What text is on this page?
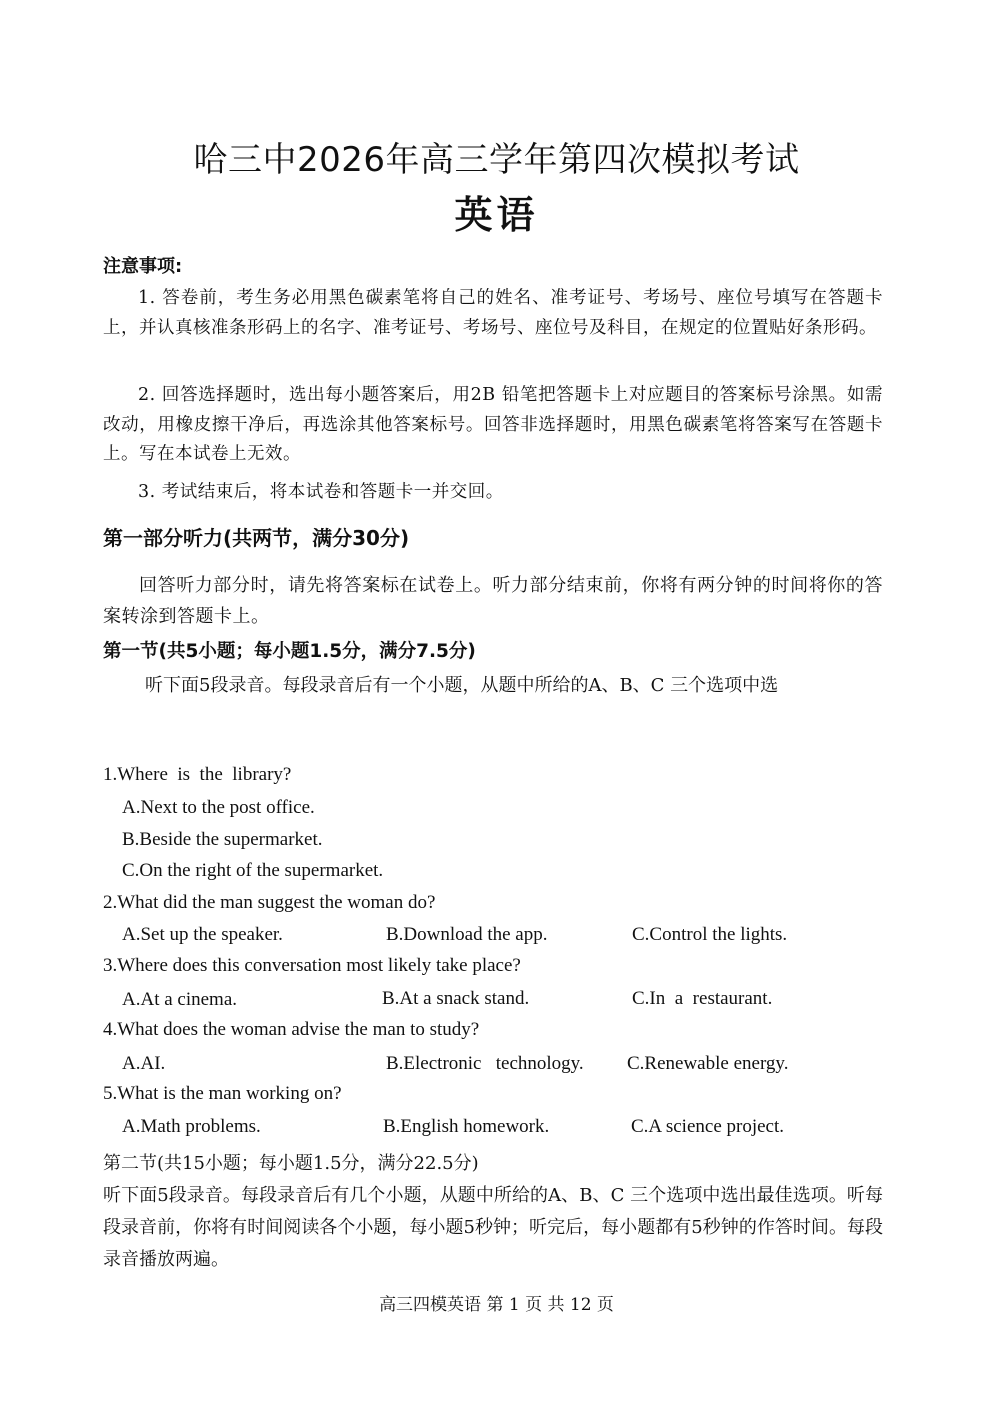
哈三中2026年高三学年第四次模拟考试
英语
注意事项:
1. 答卷前，考生务必用黑色碳素笔将自己的姓名、准考证号、考场号、座位号填写在答题卡上，并认真核准条形码上的名字、准考证号、考场号、座位号及科目，在规定的位置贴好条形码。
2. 回答选择题时，选出每小题答案后，用2B 铅笔把答题卡上对应题目的答案标号涂黑。如需改动，用橡皮擦干净后，再选涂其他答案标号。回答非选择题时，用黑色碳素笔将答案写在答题卡上。写在本试卷上无效。
3. 考试结束后，将本试卷和答题卡一并交回。
第一部分听力(共两节，满分30分)
回答听力部分时，请先将答案标在试卷上。听力部分结束前，你将有两分钟的时间将你的答案转涂到答题卡上。
第一节(共5小题；每小题1.5分，满分7.5分)
听下面5段录音。每段录音后有一个小题，从题中所给的A、B、C 三个选项中选
1.Where  is  the  library?
A.Next to the post office.
B.Beside the supermarket.
C.On the right of the supermarket.
2.What did the man suggest the woman do?
A.Set up the speaker.	B.Download the app.	C.Control the lights.
3.Where does this conversation most likely take place?
A.At a cinema.	B.At a snack stand.	C.In  a  restaurant.
4.What does the woman advise the man to study?
A.AI.	B.Electronic   technology. C.Renewable energy.
5.What is the man working on?
A.Math problems.	B.English homework.	C.A science project.
第二节(共15小题；每小题1.5分，满分22.5分)
听下面5段录音。每段录音后有几个小题，从题中所给的A、B、C 三个选项中选出最佳选项。听每段录音前，你将有时间阅读各个小题，每小题5秒钟；听完后，每小题都有5秒钟的作答时间。每段录音播放两遍。
高三四模英语 第 1 页 共 12 页
